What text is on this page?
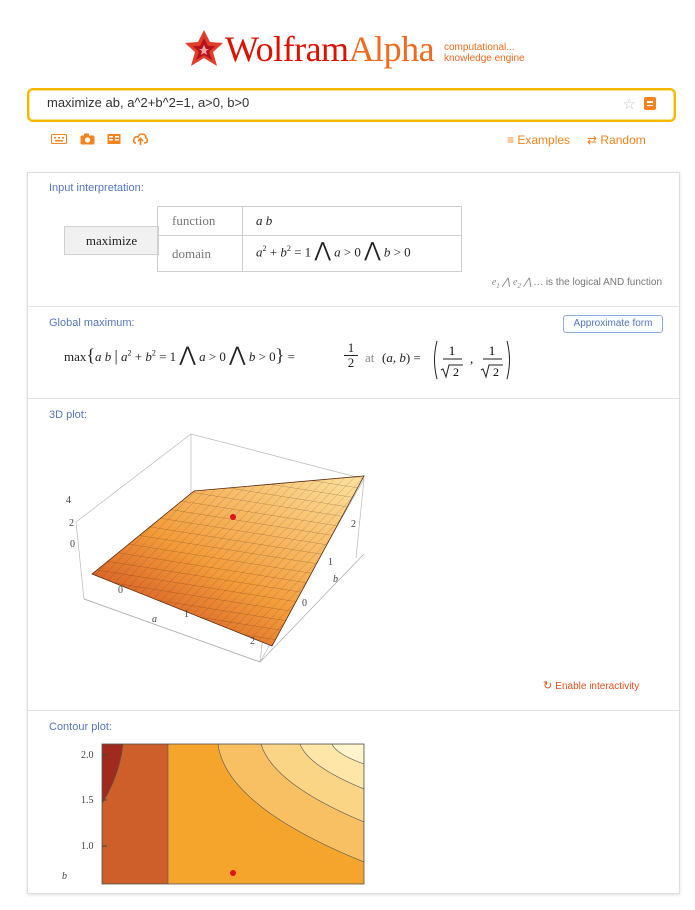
WolframAlpha computational...
knowledge engine
maximize ab, a^2+b^2=1, a>0, b>0
☆
≡ Examples ⇄ Random
Input interpretation:
maximize
function	a b
domain	$a^2 + b^2 = 1$ ⋀ a > 0 ⋀ b > 0
$e_1$ ⋀ $e_2$ ⋀ … is the logical AND function
Global maximum:
max{a b | $a^2 + b^2 = 1$ ⋀ a > 0 ⋀ b > 0} =	$\frac{1}{2}$ at (a, b) = 1
2
,
1
2
Approximate form
3D plot:
4
2
0
0
1
2
0
1
2
a
b
↻ Enable interactivity
Contour plot:
2.0
1.5
1.0
b
